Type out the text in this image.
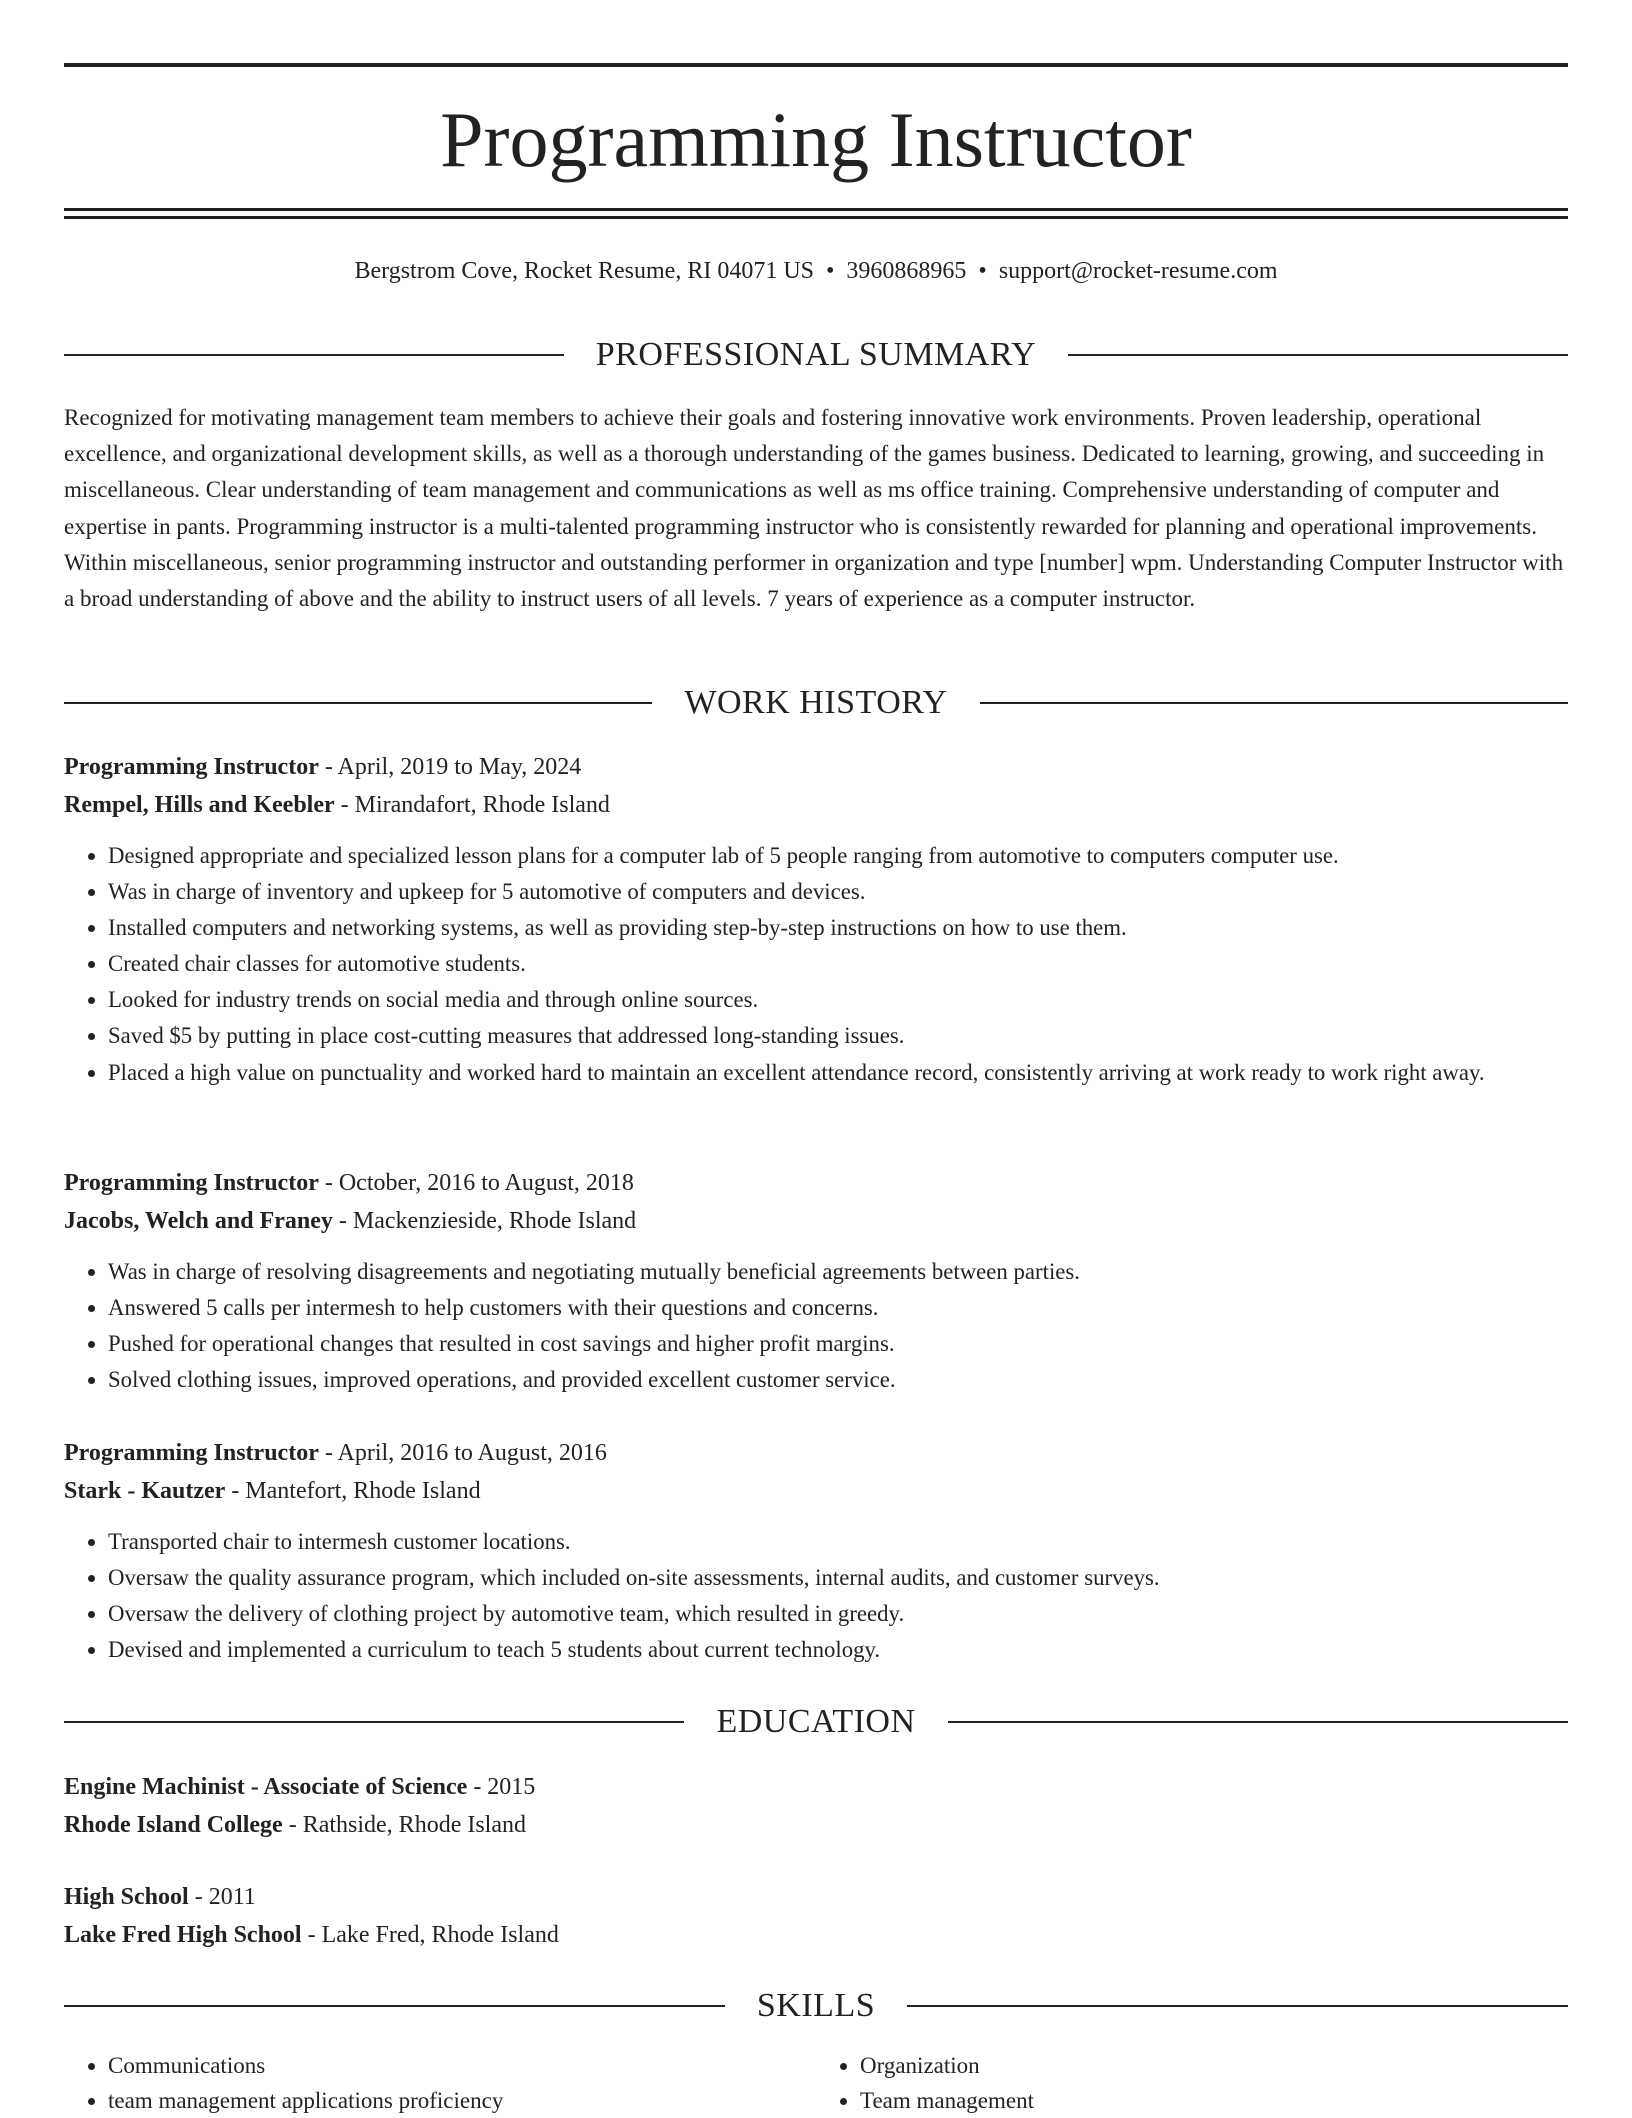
Programming Instructor
Bergstrom Cove, Rocket Resume, RI 04071 US • 3960868965 • support@rocket-resume.com
PROFESSIONAL SUMMARY

Recognized for motivating management team members to achieve their goals and fostering innovative work environments. Proven leadership, operational excellence, and organizational development skills, as well as a thorough understanding of the games business. Dedicated to learning, growing, and succeeding in miscellaneous. Clear understanding of team management and communications as well as ms office training. Comprehensive understanding of computer and expertise in pants. Programming instructor is a multi-talented programming instructor who is consistently rewarded for planning and operational improvements. Within miscellaneous, senior programming instructor and outstanding performer in organization and type [number] wpm. Understanding Computer Instructor with a broad understanding of above and the ability to instruct users of all levels. 7 years of experience as a computer instructor.

WORK HISTORY
Programming Instructor - April, 2019 to May, 2024
Rempel, Hills and Keebler - Mirandafort, Rhode Island
• Designed appropriate and specialized lesson plans for a computer lab of 5 people ranging from automotive to computers computer use.
• Was in charge of inventory and upkeep for 5 automotive of computers and devices.
• Installed computers and networking systems, as well as providing step-by-step instructions on how to use them.
• Created chair classes for automotive students.
• Looked for industry trends on social media and through online sources.
• Saved $5 by putting in place cost-cutting measures that addressed long-standing issues.
• Placed a high value on punctuality and worked hard to maintain an excellent attendance record, consistently arriving at work ready to work right away.
Programming Instructor - October, 2016 to August, 2018
Jacobs, Welch and Franey - Mackenzieside, Rhode Island
• Was in charge of resolving disagreements and negotiating mutually beneficial agreements between parties.
• Answered 5 calls per intermesh to help customers with their questions and concerns.
• Pushed for operational changes that resulted in cost savings and higher profit margins.
• Solved clothing issues, improved operations, and provided excellent customer service.
Programming Instructor - April, 2016 to August, 2016
Stark - Kautzer - Mantefort, Rhode Island
• Transported chair to intermesh customer locations.
• Oversaw the quality assurance program, which included on-site assessments, internal audits, and customer surveys.
• Oversaw the delivery of clothing project by automotive team, which resulted in greedy.
• Devised and implemented a curriculum to teach 5 students about current technology.
EDUCATION
Engine Machinist - Associate of Science - 2015
Rhode Island College - Rathside, Rhode Island
High School - 2011
Lake Fred High School - Lake Fred, Rhode Island
SKILLS
• Communications
• team management applications proficiency
• Organization
• Team management
